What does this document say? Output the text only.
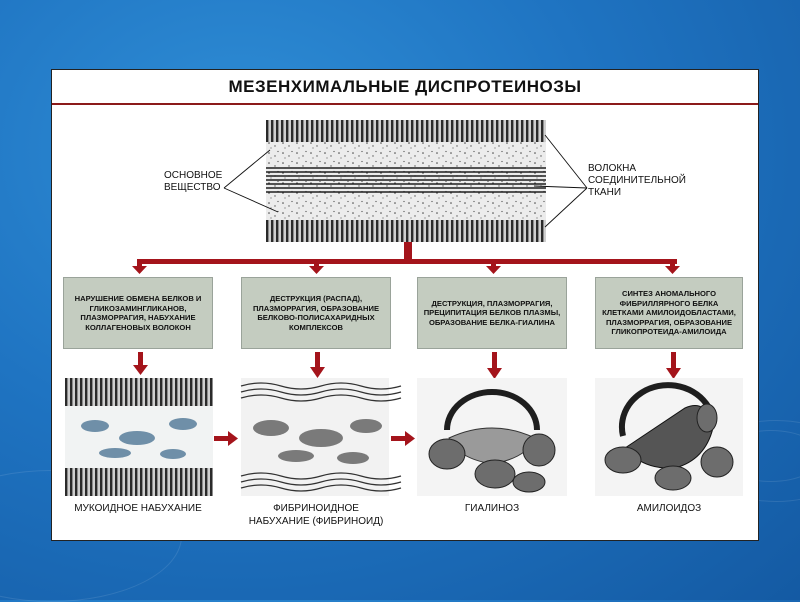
МЕЗЕНХИМАЛЬНЫЕ ДИСПРОТЕИНОЗЫ
ОСНОВНОЕ
ВЕЩЕСТВО
ВОЛОКНА
СОЕДИНИТЕЛЬНОЙ
ТКАНИ
НАРУШЕНИЕ ОБМЕНА БЕЛКОВ И ГЛИКОЗАМИНГЛИКАНОВ, ПЛАЗМОРРАГИЯ, НАБУХАНИЕ КОЛЛАГЕНОВЫХ ВОЛОКОН
ДЕСТРУКЦИЯ (РАСПАД), ПЛАЗМОРРАГИЯ, ОБРАЗОВАНИЕ БЕЛКОВО-ПОЛИСАХАРИДНЫХ КОМПЛЕКСОВ
ДЕСТРУКЦИЯ, ПЛАЗМОРРАГИЯ, ПРЕЦИПИТАЦИЯ БЕЛКОВ ПЛАЗМЫ, ОБРАЗОВАНИЕ БЕЛКА-ГИАЛИНА
СИНТЕЗ АНОМАЛЬНОГО ФИБРИЛЛЯРНОГО БЕЛКА КЛЕТКАМИ АМИЛОИДОБЛАСТАМИ, ПЛАЗМОРРАГИЯ, ОБРАЗОВАНИЕ ГЛИКОПРОТЕИДА-АМИЛОИДА
МУКОИДНОЕ НАБУХАНИЕ	ФИБРИНОИДНОЕ
НАБУХАНИЕ (ФИБРИНОИД)
ГИАЛИНОЗ	АМИЛОИДОЗ
